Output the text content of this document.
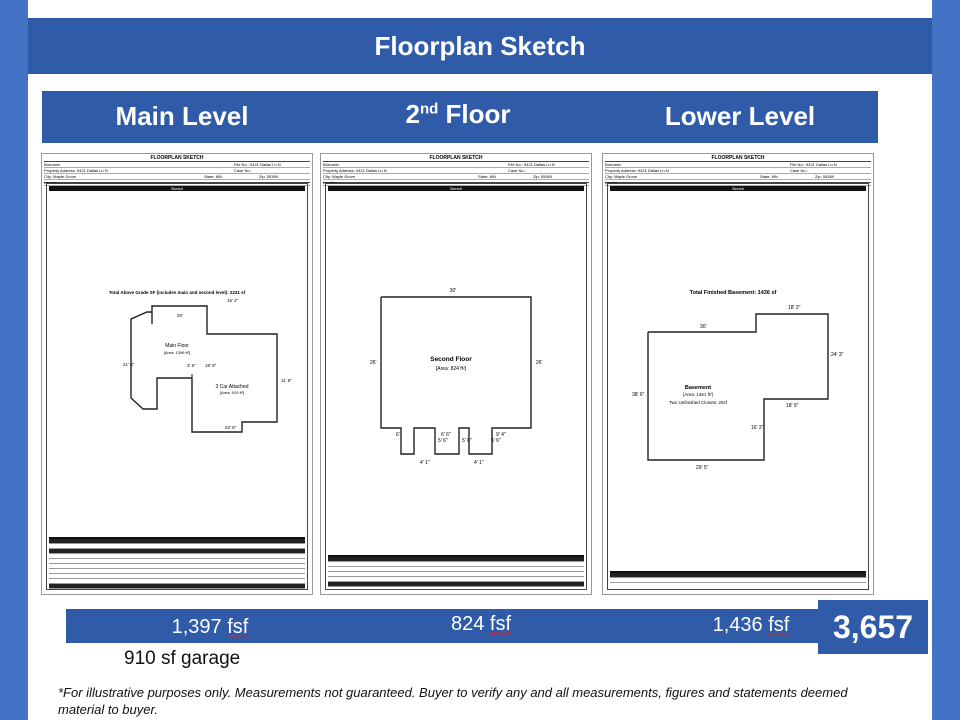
Floorplan Sketch
Main Level	2nd Floor	Lower Level
FLOORPLAN SKETCH
Borrower	File No.: 9421 Dallas Ln N
Property Address: 9421 Dallas Ln N	Case No.:
City: Maple Grove	State: MN	Zip: 55369
Lender:
Sketch
Total Above Grade SF (includes main and second level): 2221 sf
Main Floor
[Area: 1396 ft²]
3 Car Attached
[Area: 910 ft²]
16' 2"
20'
18' 8"
22' 5"
21' 6"
11' 6"
3' 6"
FLOORPLAN SKETCH
Borrower	File No.: 9421 Dallas Ln N
Property Address: 9421 Dallas Ln N	Case No.:
City: Maple Grove	State: MN	Zip: 55369
Lender:
Sketch
Second Floor
[Area: 824 ft²]
30'
26'
26'
6'
5' 6"
6' 6"
5' 6"
9' 4"
4' 1"	4' 1"
5' 6"
FLOORPLAN SKETCH
Borrower	File No.: 9421 Dallas Ln N
Property Address: 9421 Dallas Ln N	Case No.:
City: Maple Grove	State: MN	Zip: 55369
Lender:
Sketch
Total Finished Basement: 1436 sf
Basement
[Area: 1461 ft²]
Two Unfinished Closets: 25sf
18' 2"
30'
24' 3"
18' 9"
16' 2"
29' 5"
38' 6"
1,397 fsf	824 fsf	1,436 fsf	3,657
910 sf garage
*For illustrative purposes only. Measurements not guaranteed. Buyer to verify any and all measurements, figures and statements deemed material to buyer.
